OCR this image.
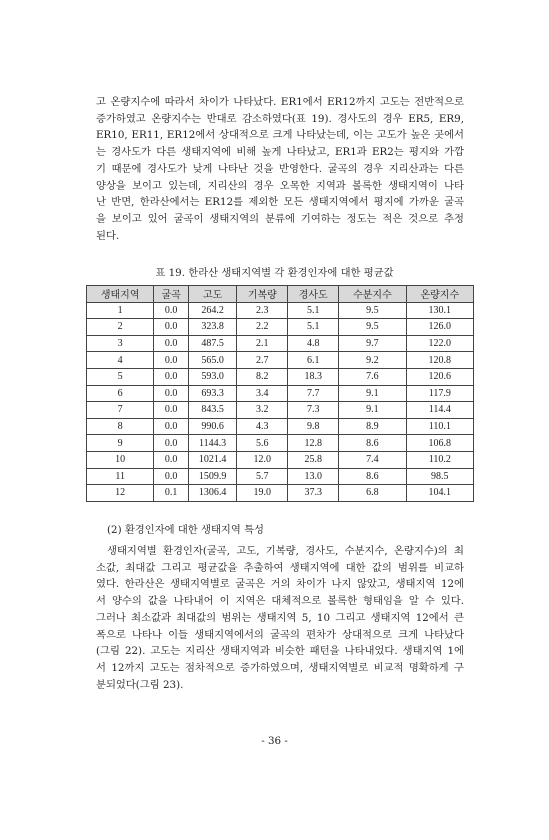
고 온량지수에 따라서 차이가 나타났다. ER1에서 ER12까지 고도는 전반적으로
증가하였고 온량지수는 반대로 감소하였다(표 19). 경사도의 경우 ER5, ER9,
ER10, ER11, ER12에서 상대적으로 크게 나타났는데, 이는 고도가 높은 곳에서
는 경사도가 다른 생태지역에 비해 높게 나타났고, ER1과 ER2는 평지와 가깝
기 때문에 경사도가 낮게 나타난 것을 반영한다. 굴곡의 경우 지리산과는 다른
양상을 보이고 있는데, 지리산의 경우 오목한 지역과 볼록한 생태지역이 나타
난 반면, 한라산에서는 ER12를 제외한 모든 생태지역에서 평지에 가까운 굴곡
을 보이고 있어 굴곡이 생태지역의 분류에 기여하는 정도는 적은 것으로 추정
된다.
표 19. 한라산 생태지역별 각 환경인자에 대한 평균값
생태지역	굴곡	고도	기복량	경사도	수분지수	온량지수
1	0.0	264.2	2.3	5.1	9.5	130.1
2	0.0	323.8	2.2	5.1	9.5	126.0
3	0.0	487.5	2.1	4.8	9.7	122.0
4	0.0	565.0	2.7	6.1	9.2	120.8
5	0.0	593.0	8.2	18.3	7.6	120.6
6	0.0	693.3	3.4	7.7	9.1	117.9
7	0.0	843.5	3.2	7.3	9.1	114.4
8	0.0	990.6	4.3	9.8	8.9	110.1
9	0.0	1144.3	5.6	12.8	8.6	106.8
10	0.0	1021.4	12.0	25.8	7.4	110.2
11	0.0	1509.9	5.7	13.0	8.6	98.5
12	0.1	1306.4	19.0	37.3	6.8	104.1
(2) 환경인자에 대한 생태지역 특성
생태지역별 환경인자(굴곡, 고도, 기복량, 경사도, 수분지수, 온량지수)의 최
소값, 최대값 그리고 평균값을 추출하여 생태지역에 대한 값의 범위를 비교하
였다. 한라산은 생태지역별로 굴곡은 거의 차이가 나지 않았고, 생태지역 12에
서 양수의 값을 나타내어 이 지역은 대체적으로 볼록한 형태임을 알 수 있다.
그러나 최소값과 최대값의 범위는 생태지역 5, 10 그리고 생태지역 12에서 큰
폭으로 나타나 이들 생태지역에서의 굴곡의 편차가 상대적으로 크게 나타났다
(그림 22). 고도는 지리산 생태지역과 비슷한 패턴을 나타내었다. 생태지역 1에
서 12까지 고도는 점차적으로 증가하였으며, 생태지역별로 비교적 명확하게 구
분되었다(그림 23).
- 36 -
